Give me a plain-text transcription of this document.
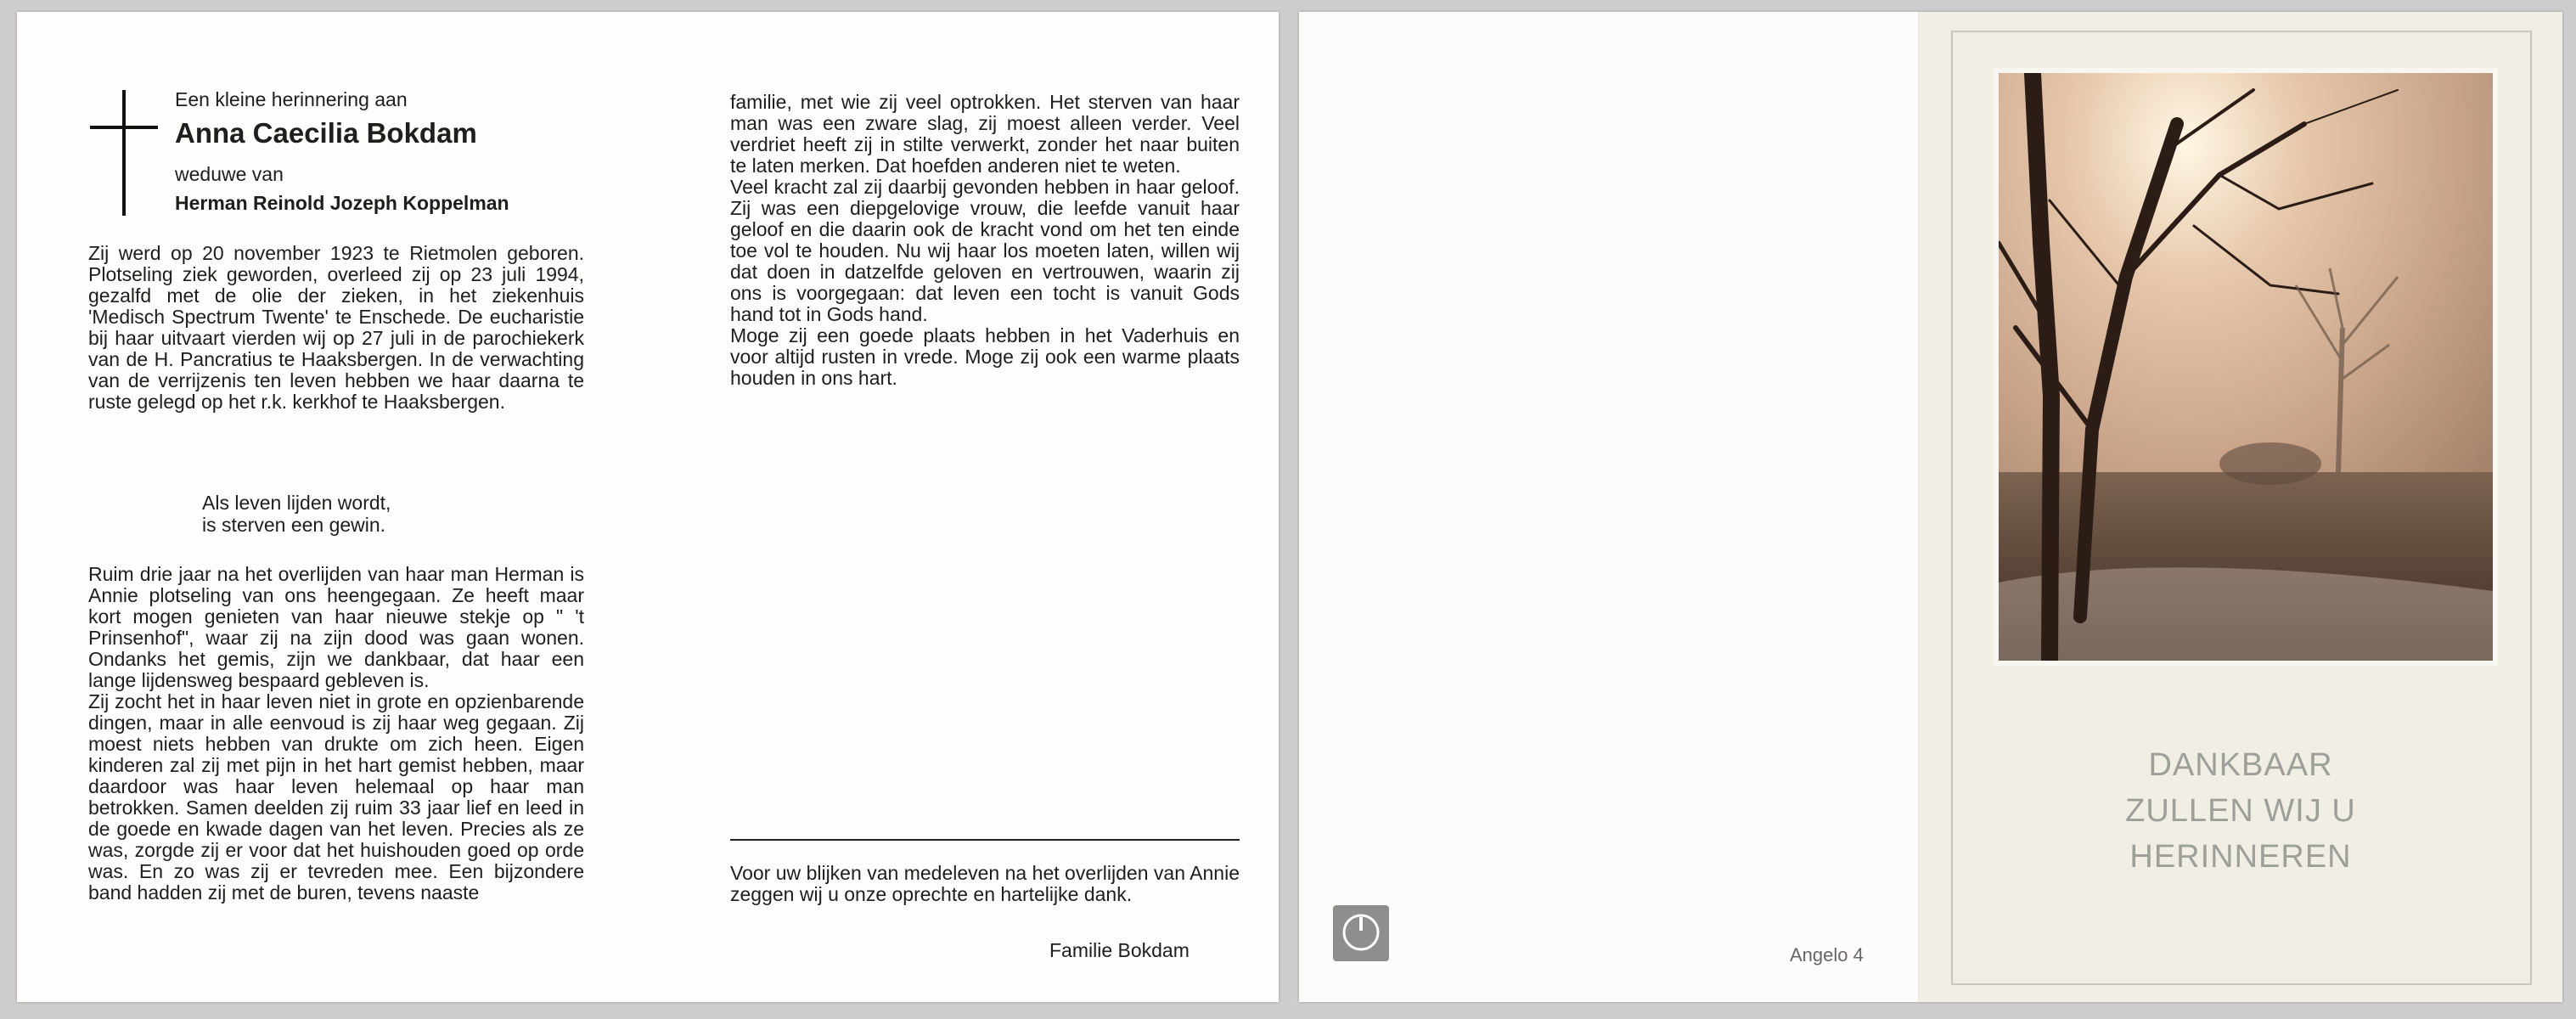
Een kleine herinnering aan
Anna Caecilia Bokdam
weduwe van
Herman Reinold Jozeph Koppelman

Zij werd op 20 november 1923 te Rietmolen geboren. Plotseling ziek geworden, overleed zij op 23 juli 1994, gezalfd met de olie der zieken, in het ziekenhuis 'Medisch Spectrum Twente' te Enschede. De eucharistie bij haar uitvaart vierden wij op 27 juli in de parochiekerk van de H. Pancratius te Haaksbergen. In de verwachting van de verrijzenis ten leven hebben we haar daarna te ruste gelegd op het r.k. kerkhof te Haaksbergen.

Als leven lijden wordt,
is sterven een gewin.

Ruim drie jaar na het overlijden van haar man Herman is Annie plotseling van ons heengegaan. Ze heeft maar kort mogen genieten van haar nieuwe stekje op " 't Prinsenhof", waar zij na zijn dood was gaan wonen. Ondanks het gemis, zijn we dankbaar, dat haar een lange lijdensweg bespaard gebleven is.

Zij zocht het in haar leven niet in grote en opzienbarende dingen, maar in alle eenvoud is zij haar weg gegaan. Zij moest niets hebben van drukte om zich heen. Eigen kinderen zal zij met pijn in het hart gemist hebben, maar daardoor was haar leven helemaal op haar man betrokken. Samen deelden zij ruim 33 jaar lief en leed in de goede en kwade dagen van het leven. Precies als ze was, zorgde zij er voor dat het huishouden goed op orde was. En zo was zij er tevreden mee. Een bijzondere band hadden zij met de buren, tevens naaste

familie, met wie zij veel optrokken. Het sterven van haar man was een zware slag, zij moest alleen verder. Veel verdriet heeft zij in stilte verwerkt, zonder het naar buiten te laten merken. Dat hoefden anderen niet te weten.

Veel kracht zal zij daarbij gevonden hebben in haar geloof. Zij was een diepgelovige vrouw, die leefde vanuit haar geloof en die daarin ook de kracht vond om het ten einde toe vol te houden. Nu wij haar los moeten laten, willen wij dat doen in datzelfde geloven en vertrouwen, waarin zij ons is voorgegaan: dat leven een tocht is vanuit Gods hand tot in Gods hand.

Moge zij een goede plaats hebben in het Vaderhuis en voor altijd rusten in vrede. Moge zij ook een warme plaats houden in ons hart.

Voor uw blijken van medeleven na het overlijden van Annie zeggen wij u onze oprechte en hartelijke dank.

Familie Bokdam	Angelo 4
DANKBAAR
ZULLEN WIJ U
HERINNEREN
